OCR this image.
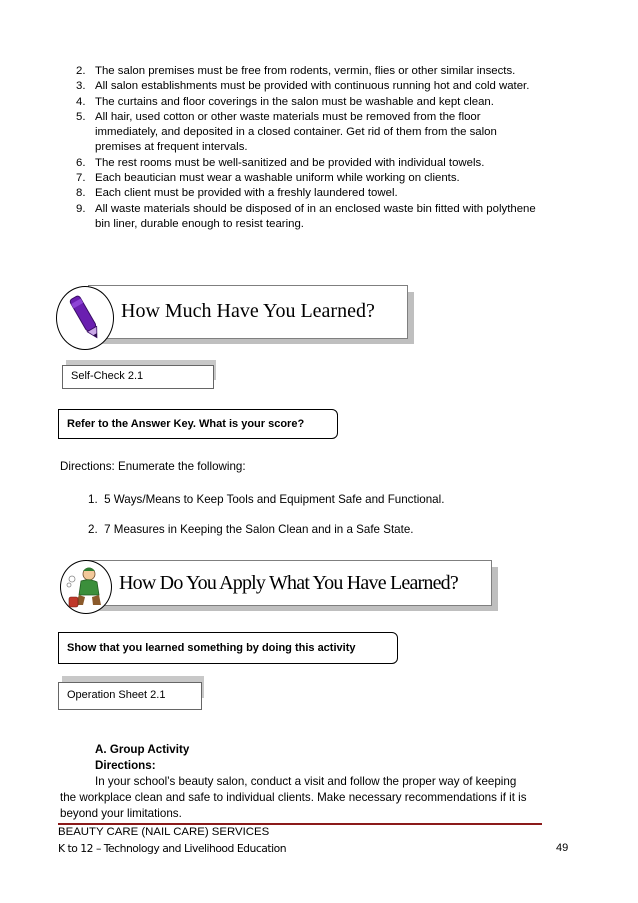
2. The salon premises must be free from rodents, vermin, flies or other similar insects.
3. All salon establishments must be provided with continuous running hot and cold water.
4. The curtains and floor coverings in the salon must be washable and kept clean.
5. All hair, used cotton or other waste materials must be removed from the floor immediately, and deposited in a closed container. Get rid of them from the salon premises at frequent intervals.
6. The rest rooms must be well-sanitized and be provided with individual towels.
7. Each beautician must wear a washable uniform while working on clients.
8. Each client must be provided with a freshly laundered towel.
9. All waste materials should be disposed of in an enclosed waste bin fitted with polythene bin liner, durable enough to resist tearing.
How Much Have You Learned?
Self-Check 2.1
Refer to the Answer Key. What is your score?
Directions: Enumerate the following:
1. 5 Ways/Means to Keep Tools and Equipment Safe and Functional.
2. 7 Measures in Keeping the Salon Clean and in a Safe State.
How Do You Apply What You Have Learned?
Show that you learned something by doing this activity
Operation Sheet 2.1
A. Group Activity
Directions:
In your school’s beauty salon, conduct a visit and follow the proper way of keeping
the workplace clean and safe to individual clients. Make necessary recommendations if it is
beyond your limitations.
BEAUTY CARE (NAIL CARE) SERVICES
K to 12 – Technology and Livelihood Education	49
